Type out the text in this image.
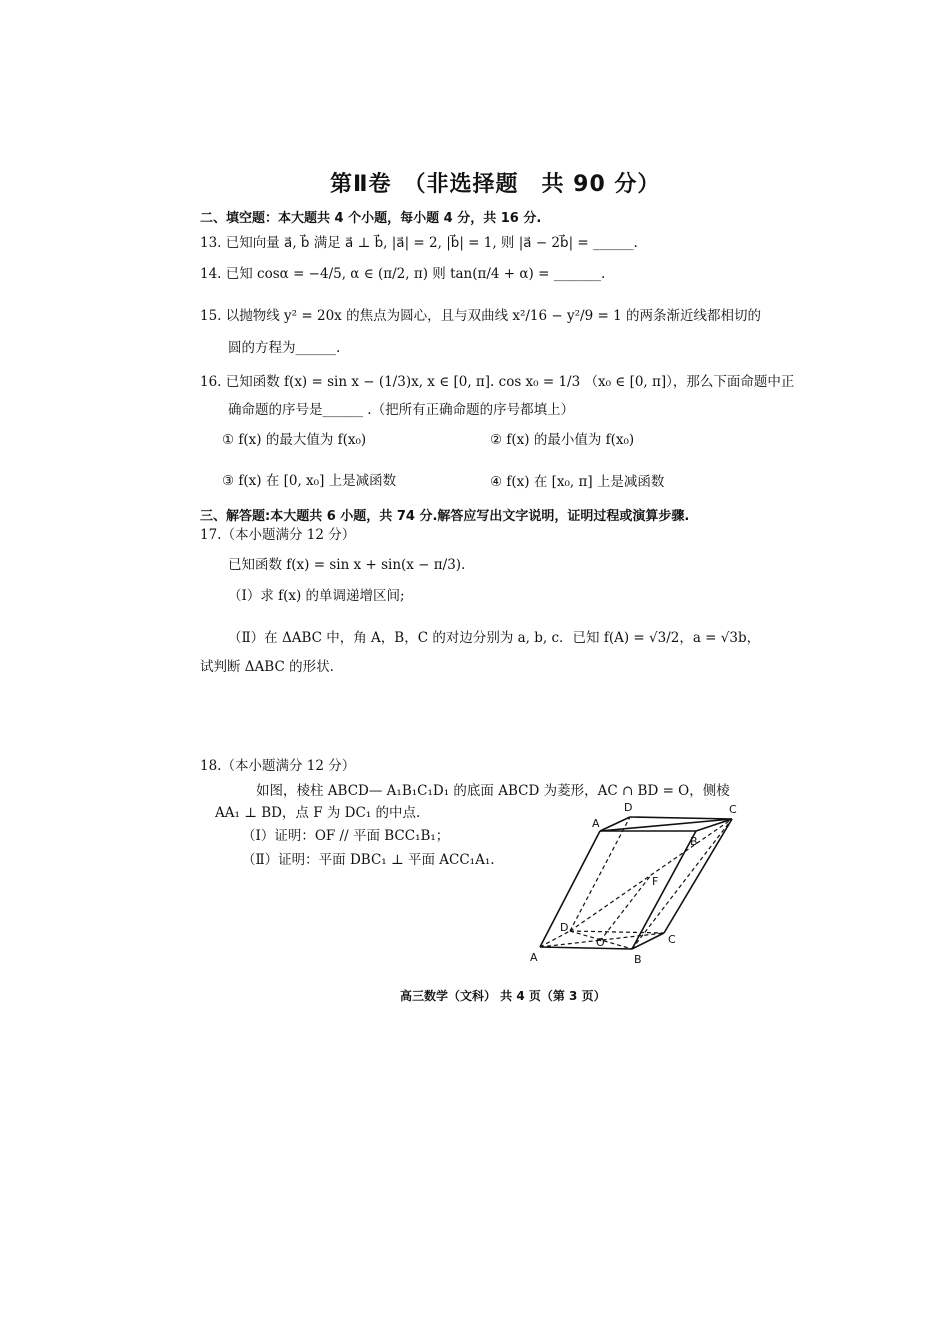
第Ⅱ卷　（非选择题　共 90 分）
二、填空题：本大题共 4 个小题，每小题 4 分，共 16 分.
13. 已知向量 a⃗, b⃗ 满足 a⃗ ⊥ b⃗, |a⃗| = 2, |b⃗| = 1, 则 |a⃗ − 2b⃗| = ______.
14. 已知 cosα = −4/5, α ∈ (π/2, π) 则 tan(π/4 + α) = _______.
15. 以抛物线 y² = 20x 的焦点为圆心，且与双曲线 x²/16 − y²/9 = 1 的两条渐近线都相切的
圆的方程为______.
16. 已知函数 f(x) = sin x − (1/3)x, x ∈ [0, π]. cos x₀ = 1/3 （x₀ ∈ [0, π]），那么下面命题中正
确命题的序号是______ .（把所有正确命题的序号都填上）
① f(x) 的最大值为 f(x₀)	② f(x) 的最小值为 f(x₀)
③ f(x) 在 [0, x₀] 上是减函数	④ f(x) 在 [x₀, π] 上是减函数
三、解答题:本大题共 6 小题，共 74 分.解答应写出文字说明，证明过程或演算步骤.
17.（本小题满分 12 分）
已知函数 f(x) = sin x + sin(x − π/3).
（Ⅰ）求 f(x) 的单调递增区间;
（Ⅱ）在 ΔABC 中，角 A，B，C 的对边分别为 a, b, c．已知 f(A) = √3/2，a = √3b，
试判断 ΔABC 的形状.
18.（本小题满分 12 分）
如图，棱柱 ABCD— A₁B₁C₁D₁ 的底面 ABCD 为菱形，AC ∩ BD = O，侧棱
AA₁ ⊥ BD，点 F 为 DC₁ 的中点.
（Ⅰ）证明：OF // 平面 BCC₁B₁；
（Ⅱ）证明：平面 DBC₁ ⊥ 平面 ACC₁A₁.
D	C
A
B
F
D
O	C
A	B
高三数学（文科） 共 4 页（第 3 页）
